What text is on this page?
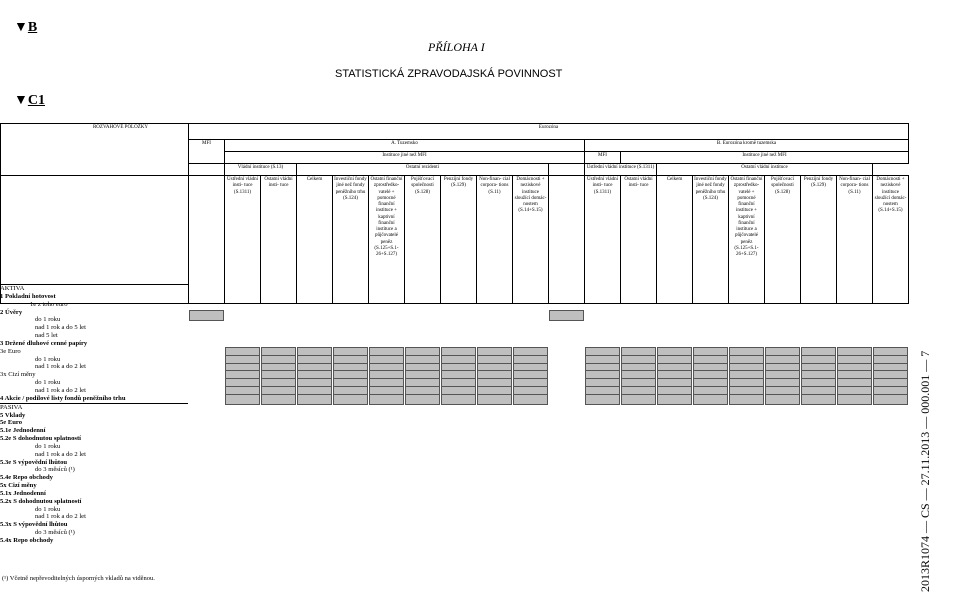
▼B
▼C1
PŘÍLOHA I
STATISTICKÁ ZPRAVODAJSKÁ POVINNOST
ROZVAHOVÉ POLOŽKY	Eurozóna																			
	MFI	A. Tuzemsko										B. Eurozóna kromě tuzemska								
		Instituce jiné než MFI										MFI	Instituce jiné než MFI							
		Vládní instituce (S.13)		Ostatní rezidenti								Ústřední vládní instituce (S.1311)		Ostatní vládní instituce						
		Ústřední vládní insti- tuce (S.1311)	Ostatní vládní insti- tuce	Celkem	Investiční fondy jiné než fondy peněžního trhu (S.124)	Ostatní finanční zprostředko- vatelé + pomocné finanční instituce + kaptivní finanční instituce a půjčovatelé peněz (S.125+S.1- 26+S.127)	Pojišťovací společnosti (S.128)	Penzijní fondy (S.129)	Non-finan- cial corpora- tions (S.11)	Domácnosti + neziskové instituce sloužící domác- nostem (S.14+S.15)		Ústřední vládní insti- tuce (S.1311)	Ostatní vládní insti- tuce	Celkem	Investiční fondy jiné než fondy peněžního trhu (S.124)	Ostatní finanční zprostředko- vatelé + pomocné finanční instituce + kaptivní finanční instituce a půjčovatelé peněz (S.125+S.1- 26+S.127)	Pojišťovací společnosti (S.128)	Penzijní fondy (S.129)	Non-finan- cial corpora- tions (S.11)	Domácnosti + neziskové instituce sloužící domác- nostem (S.14+S.15)
AKTIVA
1 Pokladní hotovost
1e z toho euro
2 Úvěry
do 1 roku
nad 1 rok a do 5 let
nad 5 let
3 Držené dluhové cenné papíry
3e Euro
do 1 roku
nad 1 rok a do 2 let
3x Cizí měny
do 1 roku
nad 1 rok a do 2 let
4 Akcie / podílové listy fondů peněžního trhu
PASIVA
5 Vklady
5e Euro
5.1e Jednodenní
5.2e S dohodnutou splatností
do 1 roku
nad 1 rok a do 2 let
5.3e S výpovědní lhůtou
do 3 měsíců (¹)
5.4e Repo obchody
5x Cizí měny
5.1x Jednodenní
5.2x S dohodnutou splatností
do 1 roku
nad 1 rok a do 2 let
5.3x S výpovědní lhůtou
do 3 měsíců (¹)
5.4x Repo obchody
(¹) Včetně nepřevoditelných úsporných vkladů na viděnou.	2013R1074 — CS — 27.11.2013 — 000.001 — 7
